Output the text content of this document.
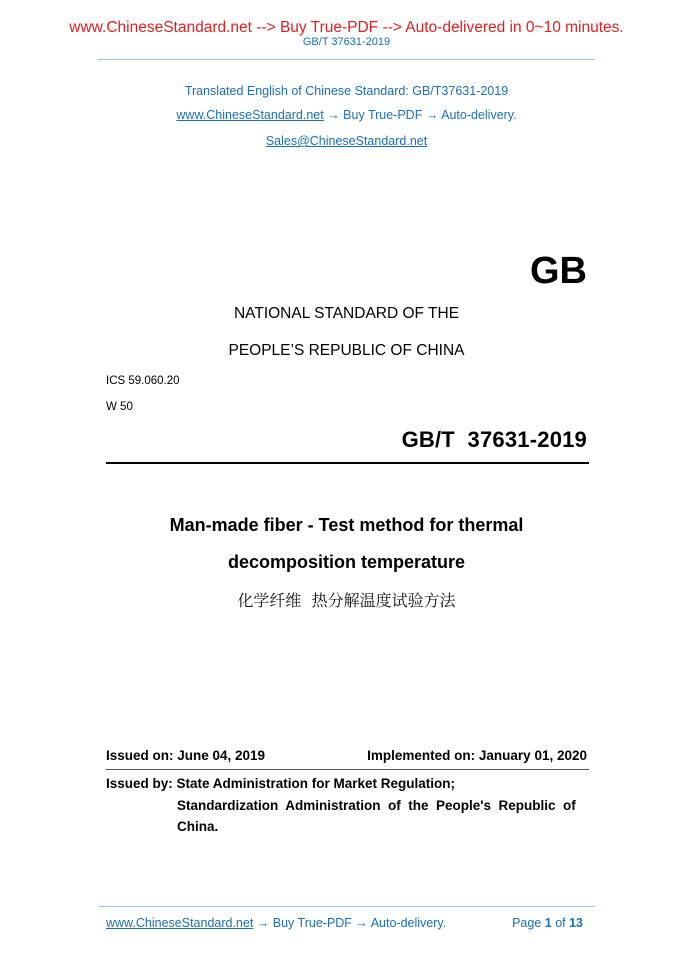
www.ChineseStandard.net --> Buy True-PDF --> Auto-delivered in 0~10 minutes.
GB/T 37631-2019
Translated English of Chinese Standard: GB/T37631-2019
www.ChineseStandard.net → Buy True-PDF → Auto-delivery.
Sales@ChineseStandard.net
GB
NATIONAL STANDARD OF THE
PEOPLE’S REPUBLIC OF CHINA
ICS 59.060.20
W 50
GB/T  37631-2019
Man-made fiber - Test method for thermal
decomposition temperature
化学纤维  热分解温度试验方法
Issued on: June 04, 2019	Implemented on: January 01, 2020
Issued by: State Administration for Market Regulation;
Standardization  Administration  of  the  People's  Republic  of
China.
www.ChineseStandard.net → Buy True-PDF → Auto-delivery.	Page 1 of 13
